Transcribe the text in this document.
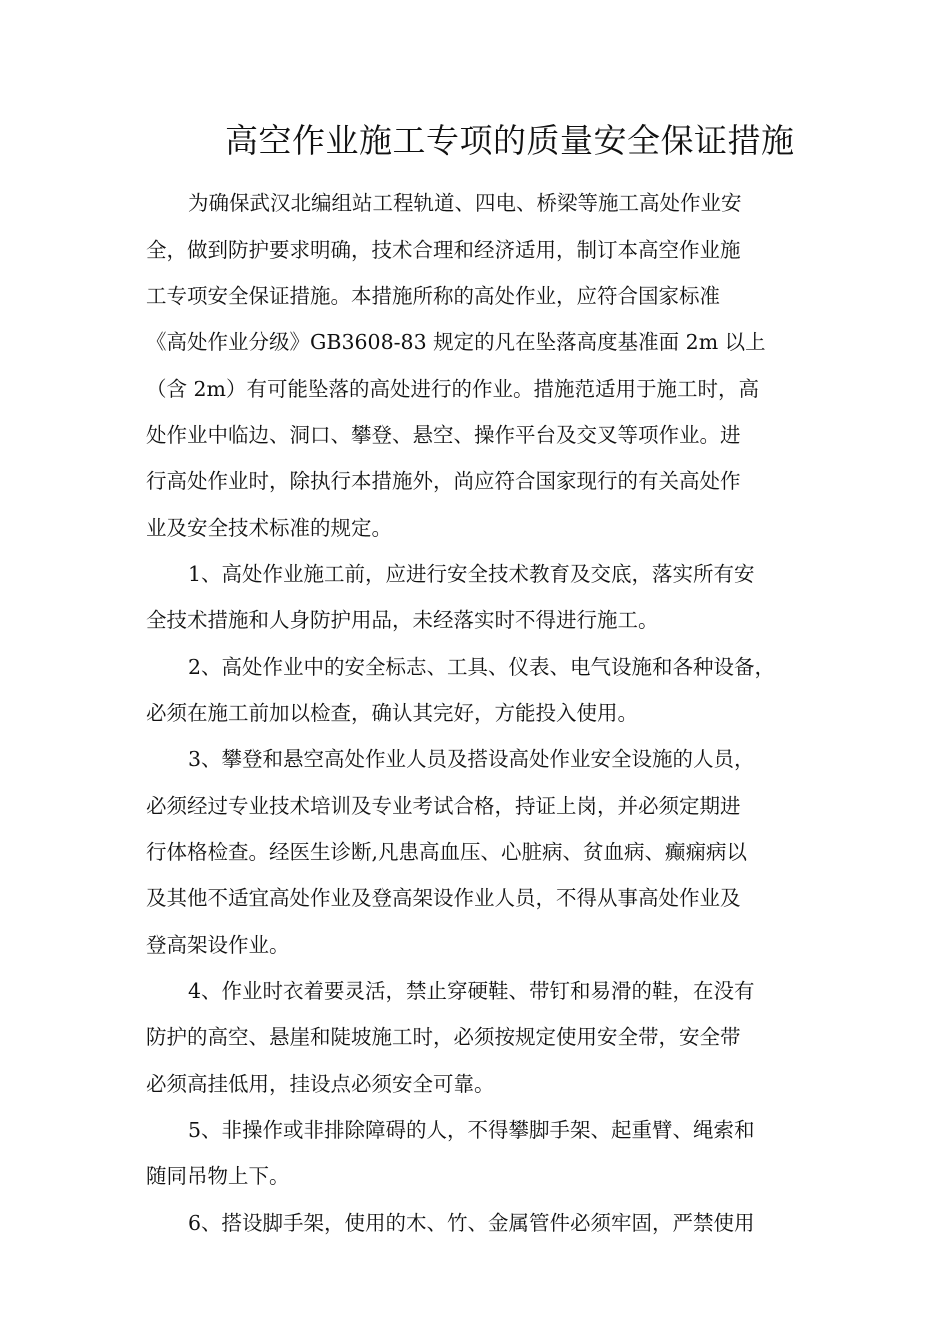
高空作业施工专项的质量安全保证措施

为确保武汉北编组站工程轨道、四电、桥梁等施工高处作业安

全，做到防护要求明确，技术合理和经济适用，制订本高空作业施

工专项安全保证措施。本措施所称的高处作业，应符合国家标准

《高处作业分级》GB3608-83 规定的凡在坠落高度基准面 2m 以上

（含 2m）有可能坠落的高处进行的作业。措施范适用于施工时，高

处作业中临边、洞口、攀登、悬空、操作平台及交叉等项作业。进

行高处作业时，除执行本措施外，尚应符合国家现行的有关高处作

业及安全技术标准的规定。

1、高处作业施工前，应进行安全技术教育及交底，落实所有安

全技术措施和人身防护用品，未经落实时不得进行施工。

2、高处作业中的安全标志、工具、仪表、电气设施和各种设备，

必须在施工前加以检查，确认其完好，方能投入使用。

3、攀登和悬空高处作业人员及搭设高处作业安全设施的人员，

必须经过专业技术培训及专业考试合格，持证上岗，并必须定期进

行体格检查。经医生诊断,凡患高血压、心脏病、贫血病、癫痫病以

及其他不适宜高处作业及登高架设作业人员，不得从事高处作业及

登高架设作业。

4、作业时衣着要灵活，禁止穿硬鞋、带钉和易滑的鞋，在没有

防护的高空、悬崖和陡坡施工时，必须按规定使用安全带，安全带

必须高挂低用，挂设点必须安全可靠。

5、非操作或非排除障碍的人，不得攀脚手架、起重臂、绳索和

随同吊物上下。

6、搭设脚手架，使用的木、竹、金属管件必须牢固，严禁使用
